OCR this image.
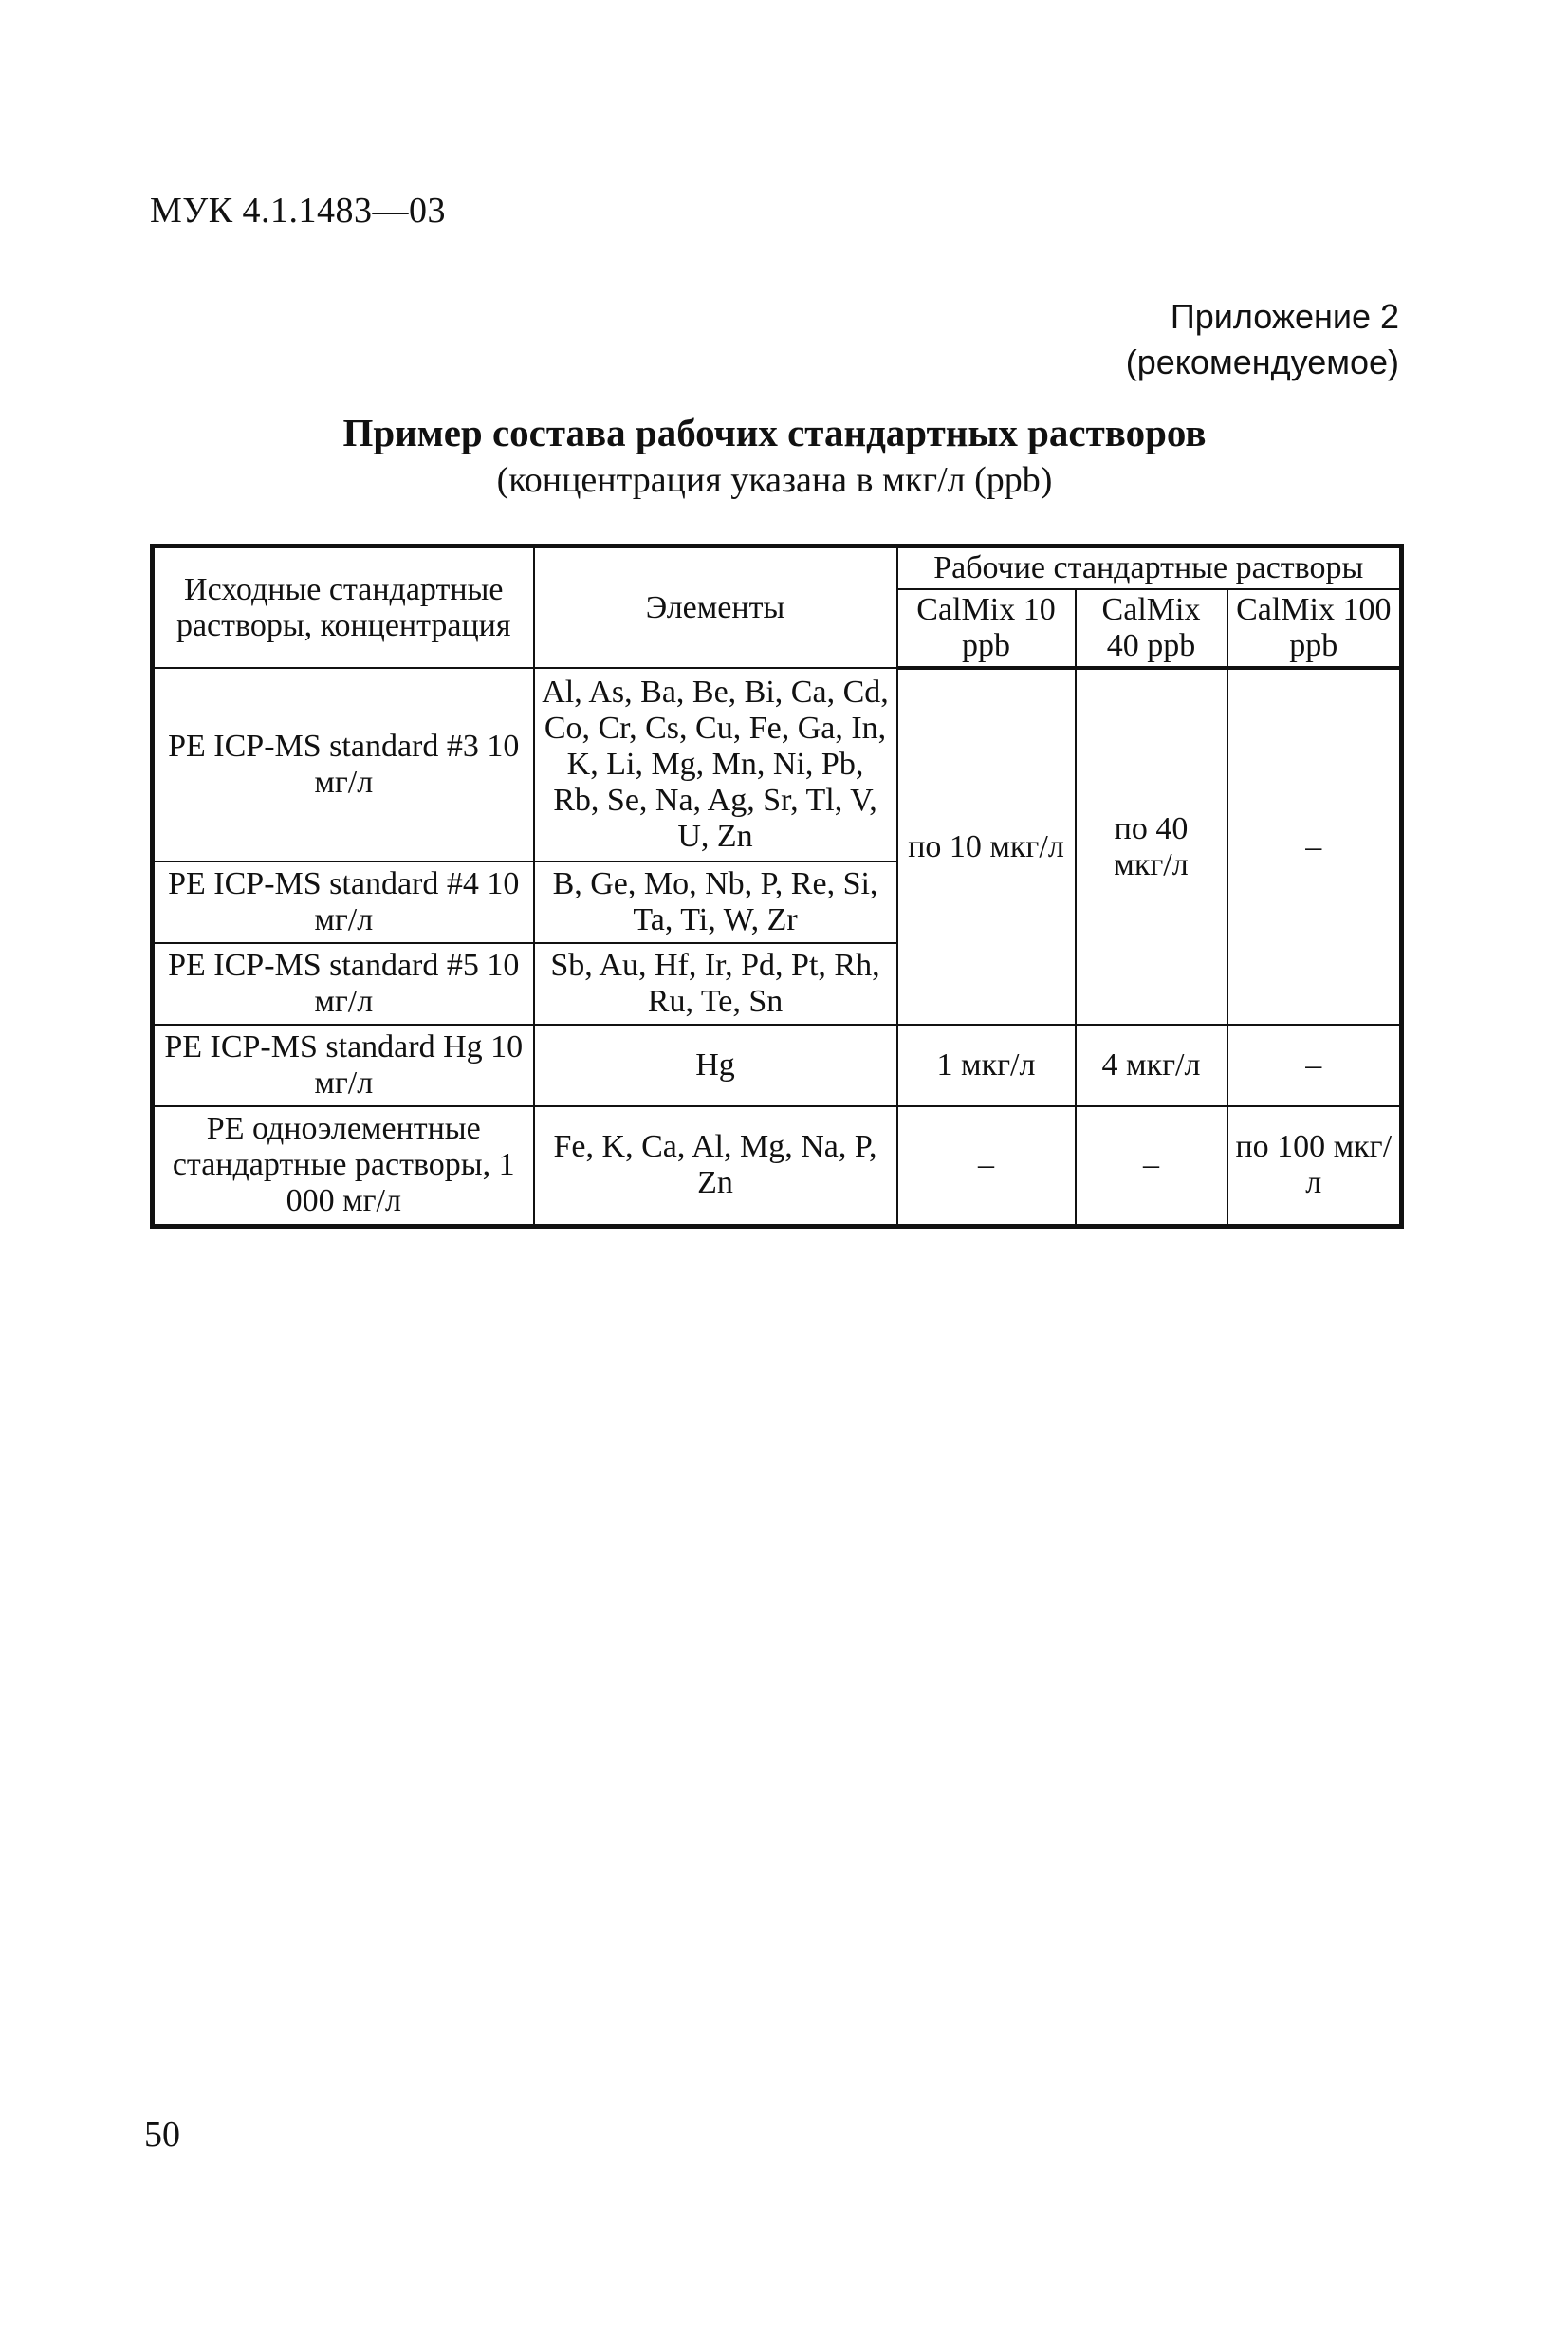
МУК 4.1.1483—03
Приложение 2
(рекомендуемое)
Пример состава рабочих стандартных растворов
(концентрация указана в мкг/л (ppb)
Исходные стандартные растворы, концентрация	Элементы	Рабочие стандартные растворы		
		CalMix 10 ppb	CalMix 40 ppb	CalMix 100 ppb
PE ICP-MS standard #3 10 мг/л	Al, As, Ba, Be, Bi, Ca, Cd, Co, Cr, Cs, Cu, Fe, Ga, In, K, Li, Mg, Mn, Ni, Pb, Rb, Se, Na, Ag, Sr, Tl, V, U, Zn	по 10 мкг/л	по 40 мкг/л	–
PE ICP-MS standard #4 10 мг/л	B, Ge, Mo, Nb, P, Re, Si, Ta, Ti, W, Zr			
PE ICP-MS standard #5 10 мг/л	Sb, Au, Hf, Ir, Pd, Pt, Rh, Ru, Te, Sn			
PE ICP-MS standard Hg 10 мг/л	Hg	1 мкг/л	4 мкг/л	–
PE одноэлементные стандартные растворы, 1 000 мг/л	Fe, K, Ca, Al, Mg, Na, P, Zn	–	–	по 100 мкг/л
50
